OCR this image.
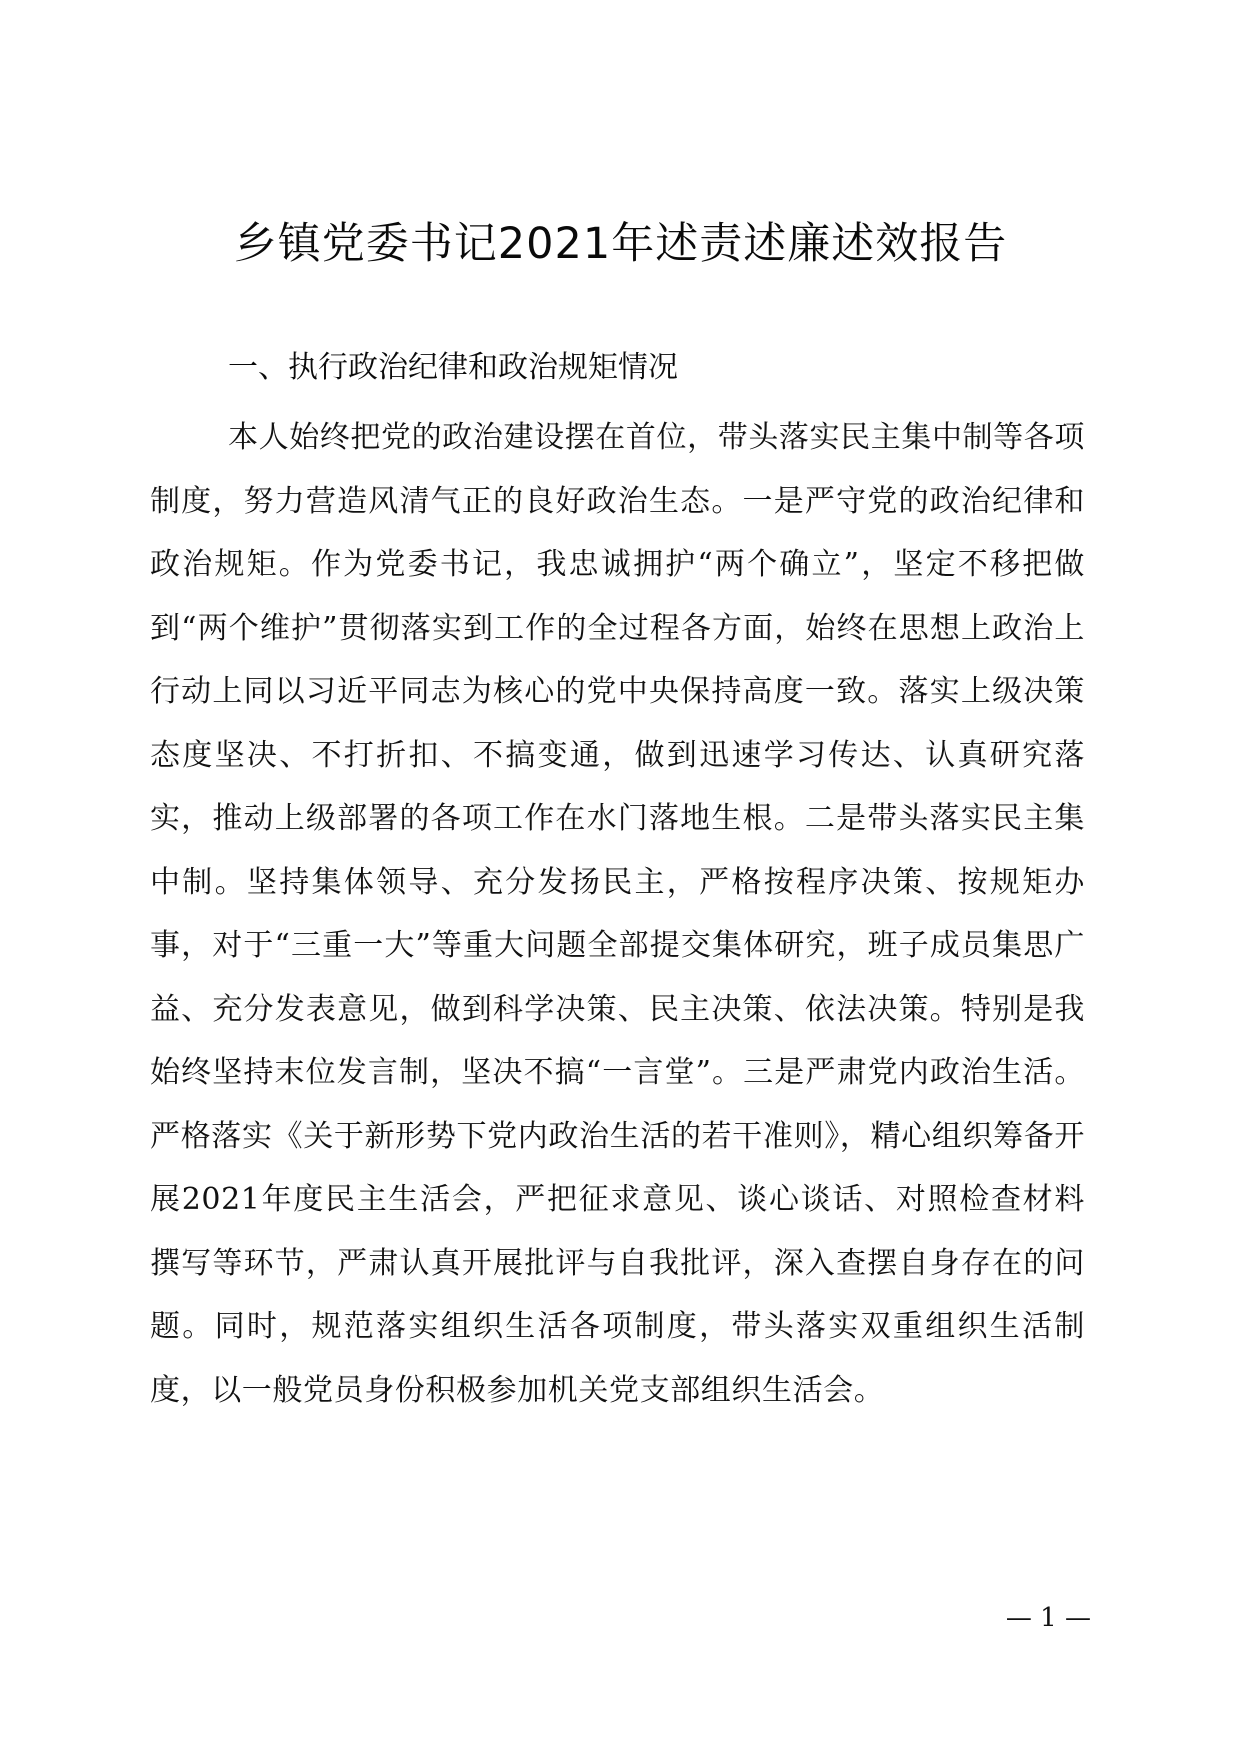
乡镇党委书记2021年述责述廉述效报告
一、执行政治纪律和政治规矩情况

本人始终把党的政治建设摆在首位，带头落实民主集中制等各项制度，努力营造风清气正的良好政治生态。一是严守党的政治纪律和政治规矩。作为党委书记，我忠诚拥护“两个确立”，坚定不移把做到“两个维护”贯彻落实到工作的全过程各方面，始终在思想上政治上行动上同以习近平同志为核心的党中央保持高度一致。落实上级决策态度坚决、不打折扣、不搞变通，做到迅速学习传达、认真研究落实，推动上级部署的各项工作在水门落地生根。二是带头落实民主集中制。坚持集体领导、充分发扬民主，严格按程序决策、按规矩办事，对于“三重一大”等重大问题全部提交集体研究，班子成员集思广益、充分发表意见，做到科学决策、民主决策、依法决策。特别是我始终坚持末位发言制，坚决不搞“一言堂”。三是严肃党内政治生活。严格落实《关于新形势下党内政治生活的若干准则》，精心组织筹备开展2021年度民主生活会，严把征求意见、谈心谈话、对照检查材料撰写等环节，严肃认真开展批评与自我批评，深入查摆自身存在的问题。同时，规范落实组织生活各项制度，带头落实双重组织生活制度，以一般党员身份积极参加机关党支部组织生活会。

— 1 —
